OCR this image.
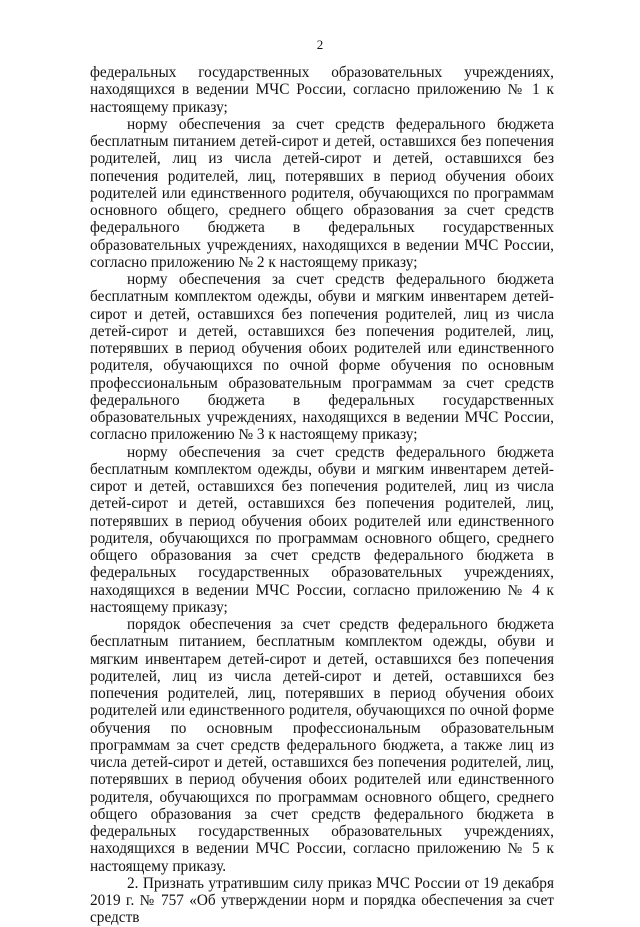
2

федеральных государственных образовательных учреждениях, находящихся в ведении МЧС России, согласно приложению № 1 к настоящему приказу;

норму обеспечения за счет средств федерального бюджета бесплатным питанием детей-сирот и детей, оставшихся без попечения родителей, лиц из числа детей-сирот и детей, оставшихся без попечения родителей, лиц, потерявших в период обучения обоих родителей или единственного родителя, обучающихся по программам основного общего, среднего общего образования за счет средств федерального бюджета в федеральных государственных образовательных учреждениях, находящихся в ведении МЧС России, согласно приложению № 2 к настоящему приказу;

норму обеспечения за счет средств федерального бюджета бесплатным комплектом одежды, обуви и мягким инвентарем детей-сирот и детей, оставшихся без попечения родителей, лиц из числа детей-сирот и детей, оставшихся без попечения родителей, лиц, потерявших в период обучения обоих родителей или единственного родителя, обучающихся по очной форме обучения по основным профессиональным образовательным программам за счет средств федерального бюджета в федеральных государственных образовательных учреждениях, находящихся в ведении МЧС России, согласно приложению № 3 к настоящему приказу;

норму обеспечения за счет средств федерального бюджета бесплатным комплектом одежды, обуви и мягким инвентарем детей-сирот и детей, оставшихся без попечения родителей, лиц из числа детей-сирот и детей, оставшихся без попечения родителей, лиц, потерявших в период обучения обоих родителей или единственного родителя, обучающихся по программам основного общего, среднего общего образования за счет средств федерального бюджета в федеральных государственных образовательных учреждениях, находящихся в ведении МЧС России, согласно приложению № 4 к настоящему приказу;

порядок обеспечения за счет средств федерального бюджета бесплатным питанием, бесплатным комплектом одежды, обуви и мягким инвентарем детей-сирот и детей, оставшихся без попечения родителей, лиц из числа детей-сирот и детей, оставшихся без попечения родителей, лиц, потерявших в период обучения обоих родителей или единственного родителя, обучающихся по очной форме обучения по основным профессиональным образовательным программам за счет средств федерального бюджета, а также лиц из числа детей-сирот и детей, оставшихся без попечения родителей, лиц, потерявших в период обучения обоих родителей или единственного родителя, обучающихся по программам основного общего, среднего общего образования за счет средств федерального бюджета в федеральных государственных образовательных учреждениях, находящихся в ведении МЧС России, согласно приложению № 5 к настоящему приказу.

2. Признать утратившим силу приказ МЧС России от 19 декабря 2019 г. № 757 «Об утверждении норм и порядка обеспечения за счет средств
